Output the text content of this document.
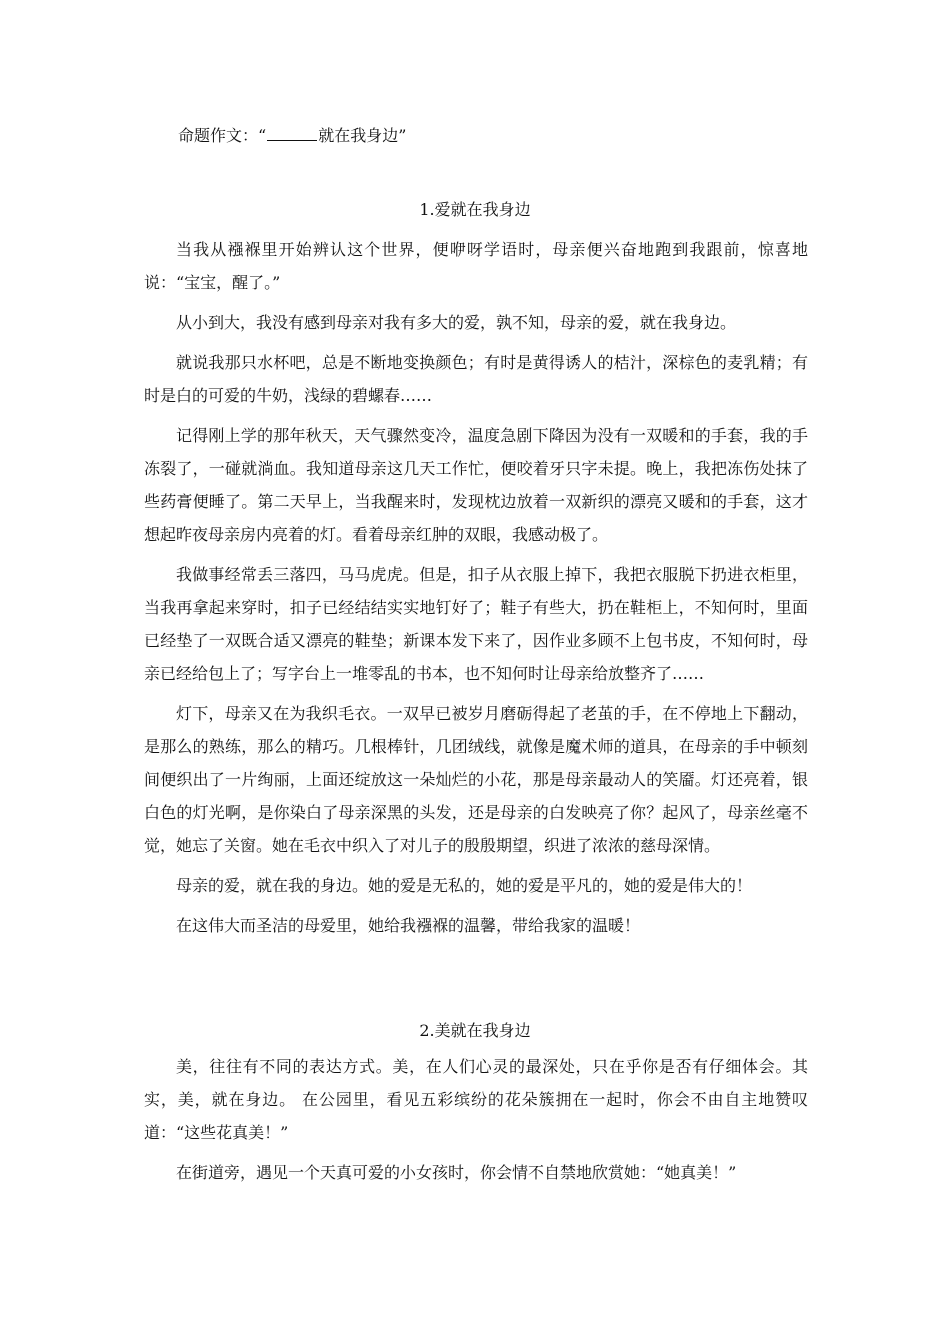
命题作文：“	就在我身边”
1.爱就在我身边

当我从襁褓里开始辨认这个世界，便咿呀学语时，母亲便兴奋地跑到我跟前，惊喜地说：“宝宝，醒了。”

从小到大，我没有感到母亲对我有多大的爱，孰不知，母亲的爱，就在我身边。

就说我那只水杯吧，总是不断地变换颜色；有时是黄得诱人的桔汁，深棕色的麦乳精；有时是白的可爱的牛奶，浅绿的碧螺春……

记得刚上学的那年秋天，天气骤然变冷，温度急剧下降因为没有一双暖和的手套，我的手冻裂了，一碰就淌血。我知道母亲这几天工作忙，便咬着牙只字未提。晚上，我把冻伤处抹了些药膏便睡了。第二天早上，当我醒来时，发现枕边放着一双新织的漂亮又暖和的手套，这才想起昨夜母亲房内亮着的灯。看着母亲红肿的双眼，我感动极了。

我做事经常丢三落四，马马虎虎。但是，扣子从衣服上掉下，我把衣服脱下扔进衣柜里，当我再拿起来穿时，扣子已经结结实实地钉好了；鞋子有些大，扔在鞋柜上，不知何时，里面已经垫了一双既合适又漂亮的鞋垫；新课本发下来了，因作业多顾不上包书皮，不知何时，母亲已经给包上了；写字台上一堆零乱的书本，也不知何时让母亲给放整齐了……

灯下，母亲又在为我织毛衣。一双早已被岁月磨砺得起了老茧的手，在不停地上下翻动，是那么的熟练，那么的精巧。几根棒针，几团绒线，就像是魔术师的道具，在母亲的手中顿刻间便织出了一片绚丽，上面还绽放这一朵灿烂的小花，那是母亲最动人的笑靥。灯还亮着，银白色的灯光啊，是你染白了母亲深黑的头发，还是母亲的白发映亮了你？起风了，母亲丝毫不觉，她忘了关窗。她在毛衣中织入了对儿子的殷殷期望，织进了浓浓的慈母深情。

母亲的爱，就在我的身边。她的爱是无私的，她的爱是平凡的，她的爱是伟大的！

在这伟大而圣洁的母爱里，她给我襁褓的温馨，带给我家的温暖！

2.美就在我身边

美，往往有不同的表达方式。美，在人们心灵的最深处，只在乎你是否有仔细体会。其实，美，就在身边。 在公园里，看见五彩缤纷的花朵簇拥在一起时，你会不由自主地赞叹道：“这些花真美！”

在街道旁，遇见一个天真可爱的小女孩时，你会情不自禁地欣赏她：“她真美！”
